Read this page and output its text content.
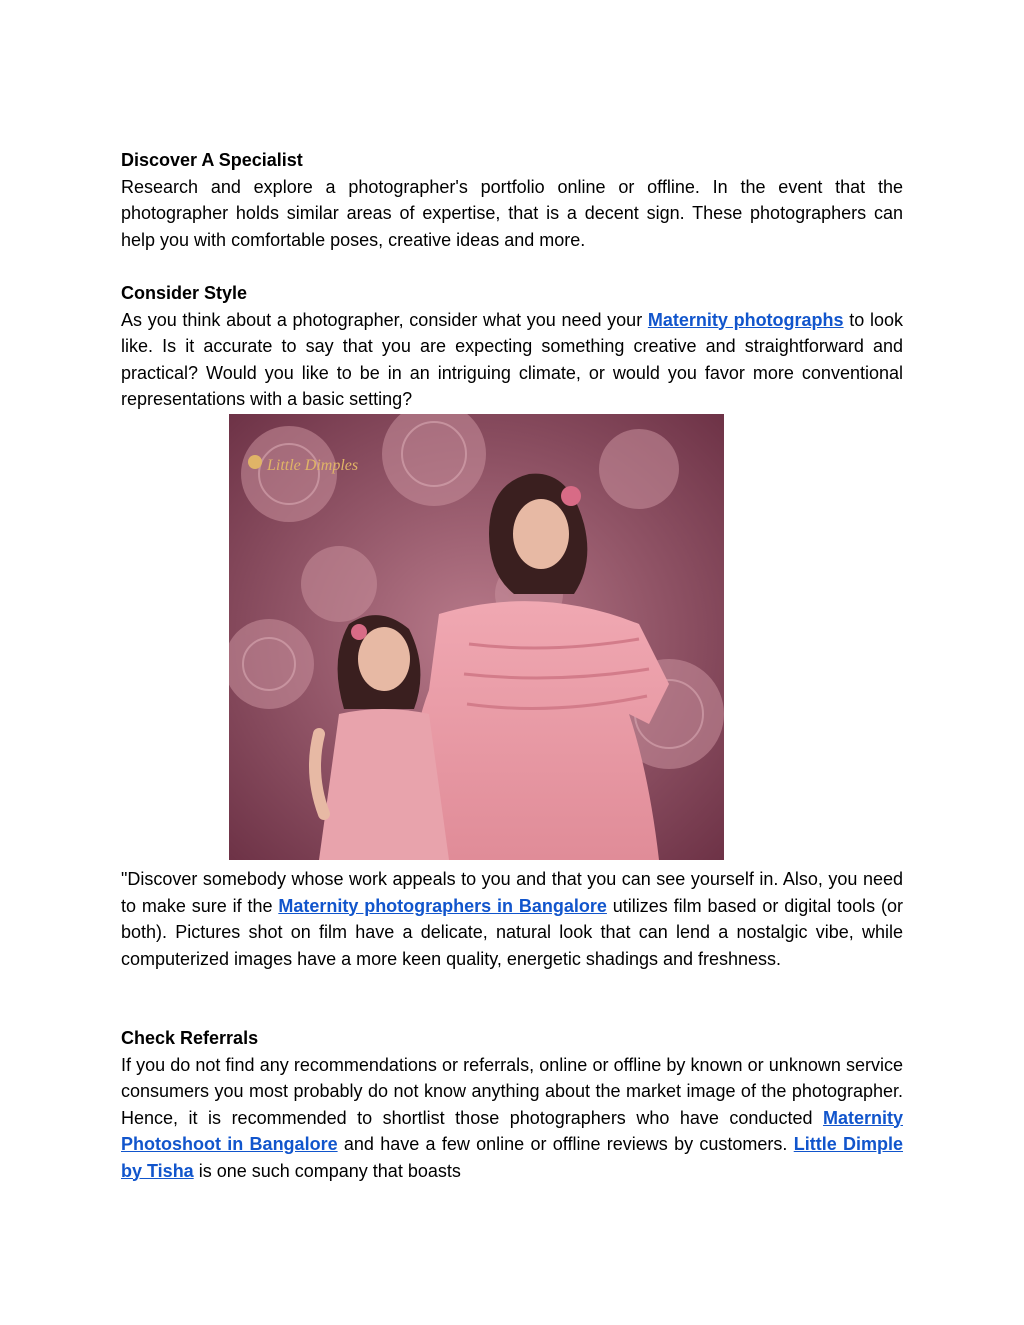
Discover A Specialist

Research and explore a photographer's portfolio online or offline. In the event that the photographer holds similar areas of expertise, that is a decent sign. These photographers can help you with comfortable poses, creative ideas and more.

Consider Style

As you think about a photographer, consider what you need your Maternity photographs to look like. Is it accurate to say that you are expecting something creative and straightforward and practical? Would you like to be in an intriguing climate, or would you favor more conventional representations with a basic setting?

Little Dimples

"Discover somebody whose work appeals to you and that you can see yourself in. Also, you need to make sure if the Maternity photographers in Bangalore utilizes film based or digital tools (or both). Pictures shot on film have a delicate, natural look that can lend a nostalgic vibe, while computerized images have a more keen quality, energetic shadings and freshness.

Check Referrals

If you do not find any recommendations or referrals, online or offline by known or unknown service consumers you most probably do not know anything about the market image of the photographer. Hence, it is recommended to shortlist those photographers who have conducted Maternity Photoshoot in Bangalore and have a few online or offline reviews by customers. Little Dimple by Tisha is one such company that boasts
